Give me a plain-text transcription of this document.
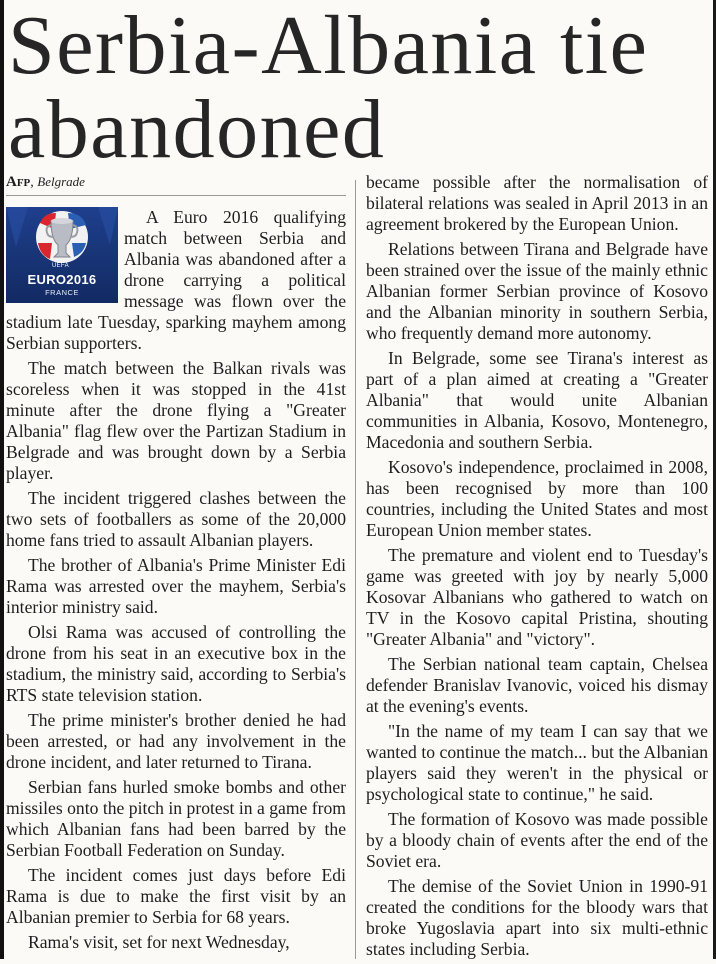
Serbia-Albania tie abandoned
Afp, Belgrade
UEFA
EURO2016
FRANCE

A Euro 2016 qualifying match between Serbia and Albania was abandoned after a drone carrying a political message was flown over the stadium late Tuesday, sparking mayhem among Serbian supporters.

The match between the Balkan rivals was scoreless when it was stopped in the 41st minute after the drone flying a "Greater Albania" flag flew over the Partizan Stadium in Belgrade and was brought down by a Serbia player.

The incident triggered clashes between the two sets of footballers as some of the 20,000 home fans tried to assault Albanian players.

The brother of Albania's Prime Minister Edi Rama was arrested over the mayhem, Serbia's interior ministry said.

Olsi Rama was accused of controlling the drone from his seat in an executive box in the stadium, the ministry said, according to Serbia's RTS state television station.

The prime minister's brother denied he had been arrested, or had any involvement in the drone incident, and later returned to Tirana.

Serbian fans hurled smoke bombs and other missiles onto the pitch in protest in a game from which Albanian fans had been barred by the Serbian Football Federation on Sunday.

The incident comes just days before Edi Rama is due to make the first visit by an Albanian premier to Serbia for 68 years.

Rama's visit, set for next Wednesday,

became possible after the normalisation of bilateral relations was sealed in April 2013 in an agreement brokered by the European Union.

Relations between Tirana and Belgrade have been strained over the issue of the mainly ethnic Albanian former Serbian province of Kosovo and the Albanian minority in southern Serbia, who frequently demand more autonomy.

In Belgrade, some see Tirana's interest as part of a plan aimed at creating a "Greater Albania" that would unite Albanian communities in Albania, Kosovo, Montenegro, Macedonia and southern Serbia.

Kosovo's independence, proclaimed in 2008, has been recognised by more than 100 countries, including the United States and most European Union member states.

The premature and violent end to Tuesday's game was greeted with joy by nearly 5,000 Kosovar Albanians who gathered to watch on TV in the Kosovo capital Pristina, shouting "Greater Albania" and "victory".

The Serbian national team captain, Chelsea defender Branislav Ivanovic, voiced his dismay at the evening's events.

"In the name of my team I can say that we wanted to continue the match... but the Albanian players said they weren't in the physical or psychological state to continue," he said.

The formation of Kosovo was made possible by a bloody chain of events after the end of the Soviet era.

The demise of the Soviet Union in 1990-91 created the conditions for the bloody wars that broke Yugoslavia apart into six multi-ethnic states including Serbia.
